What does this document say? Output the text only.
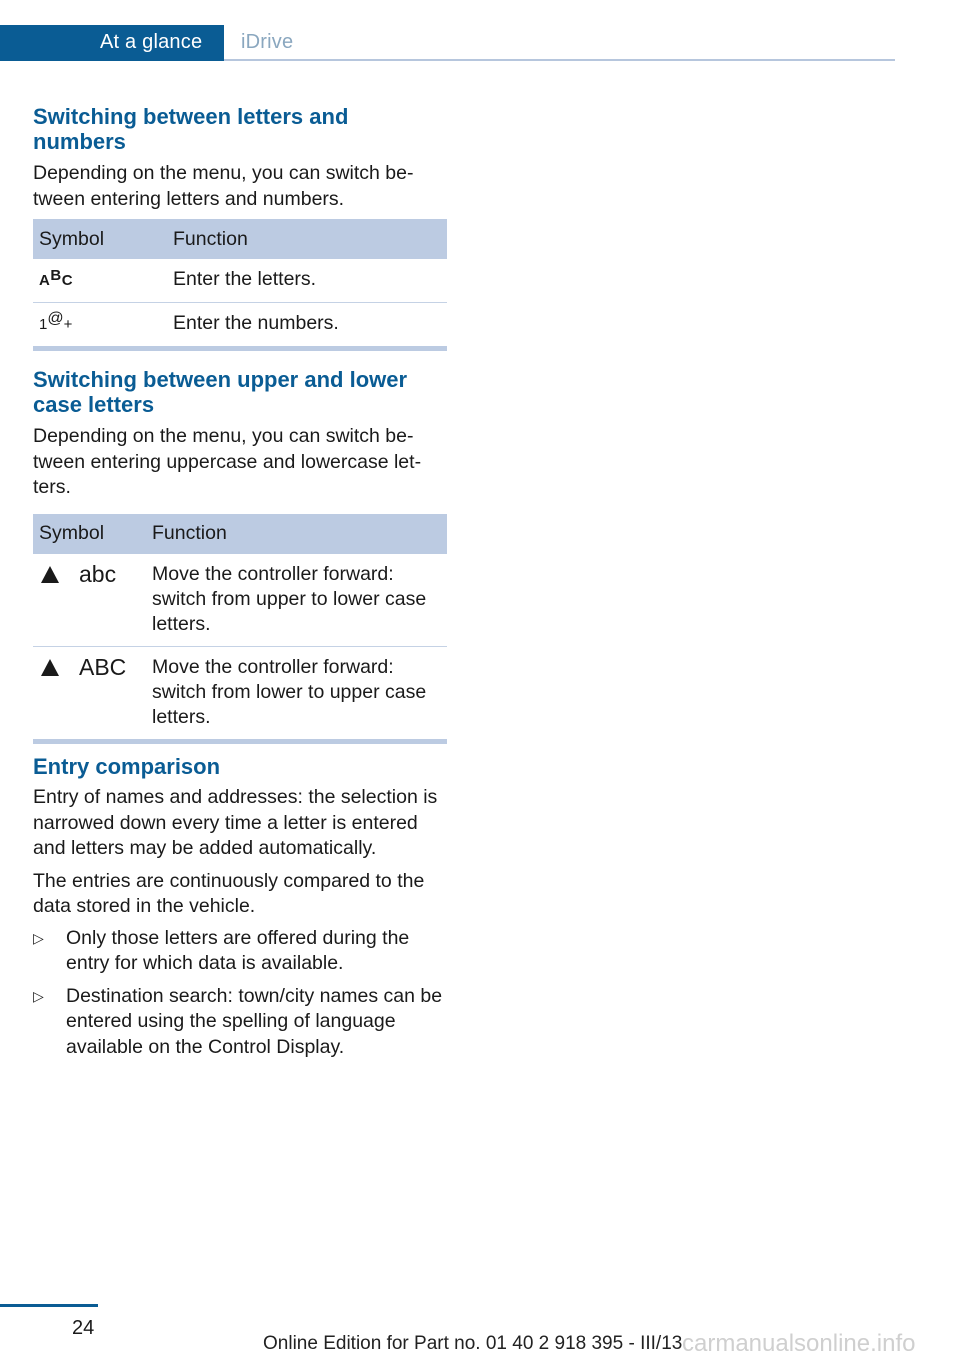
At a glance iDrive
Switching between letters and numbers

Depending on the menu, you can switch be-tween entering letters and numbers.

Symbol	Function
ABC	Enter the letters.
1@+	Enter the numbers.
Switching between upper and lower case letters

Depending on the menu, you can switch be-tween entering uppercase and lowercase let-ters.

Symbol	Function
abc	Move the controller forward: switch from upper to lower case letters.
ABC	Move the controller forward: switch from lower to upper case letters.
Entry comparison

Entry of names and addresses: the selection is narrowed down every time a letter is entered and letters may be added automatically.

The entries are continuously compared to the data stored in the vehicle.

▷ Only those letters are offered during the entry for which data is available.
▷ Destination search: town/city names can be entered using the spelling of language available on the Control Display.
24
Online Edition for Part no. 01 40 2 918 395 - III/13 carmanualsonline.info
